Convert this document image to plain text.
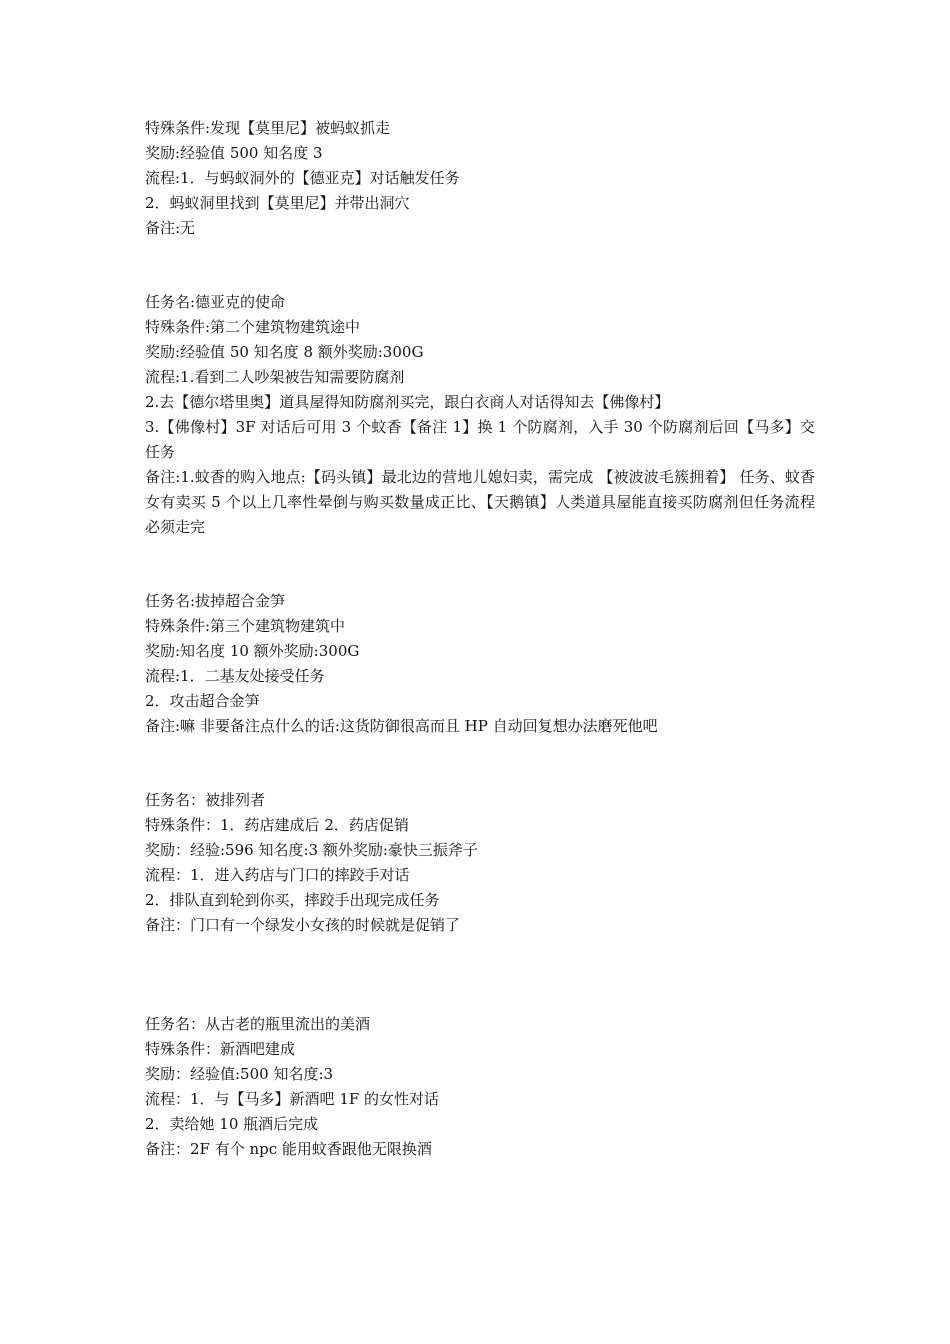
特殊条件:发现【莫里尼】被蚂蚁抓走
奖励:经验值 500 知名度 3
流程:1．与蚂蚁洞外的【德亚克】对话触发任务
2．蚂蚁洞里找到【莫里尼】并带出洞穴
备注:无
任务名:德亚克的使命
特殊条件:第二个建筑物建筑途中
奖励:经验值 50 知名度 8 额外奖励:300G
流程:1.看到二人吵架被告知需要防腐剂
2.去【德尔塔里奥】道具屋得知防腐剂买完，跟白衣商人对话得知去【佛像村】
3.【佛像村】3F 对话后可用 3 个蚊香【备注 1】换 1 个防腐剂，入手 30 个防腐剂后回【马多】交任务
备注:1.蚊香的购入地点:【码头镇】最北边的营地儿媳妇卖，需完成 【被波波毛簇拥着】 任务、蚊香女有卖买 5 个以上几率性晕倒与购买数量成正比、【天鹅镇】人类道具屋能直接买防腐剂但任务流程必须走完
任务名:拔掉超合金笋
特殊条件:第三个建筑物建筑中
奖励:知名度 10 额外奖励:300G
流程:1．二基友处接受任务
2．攻击超合金笋
备注:嘛 非要备注点什么的话:这货防御很高而且 HP 自动回复想办法磨死他吧
任务名：被排列者
特殊条件：1．药店建成后 2．药店促销
奖励：经验:596 知名度:3 额外奖励:豪快三振斧子
流程：1．进入药店与门口的摔跤手对话
2．排队直到轮到你买，摔跤手出现完成任务
备注：门口有一个绿发小女孩的时候就是促销了
任务名：从古老的瓶里流出的美酒
特殊条件：新酒吧建成
奖励：经验值:500 知名度:3
流程：1．与【马多】新酒吧 1F 的女性对话
2．卖给她 10 瓶酒后完成
备注：2F 有个 npc 能用蚊香跟他无限换酒
